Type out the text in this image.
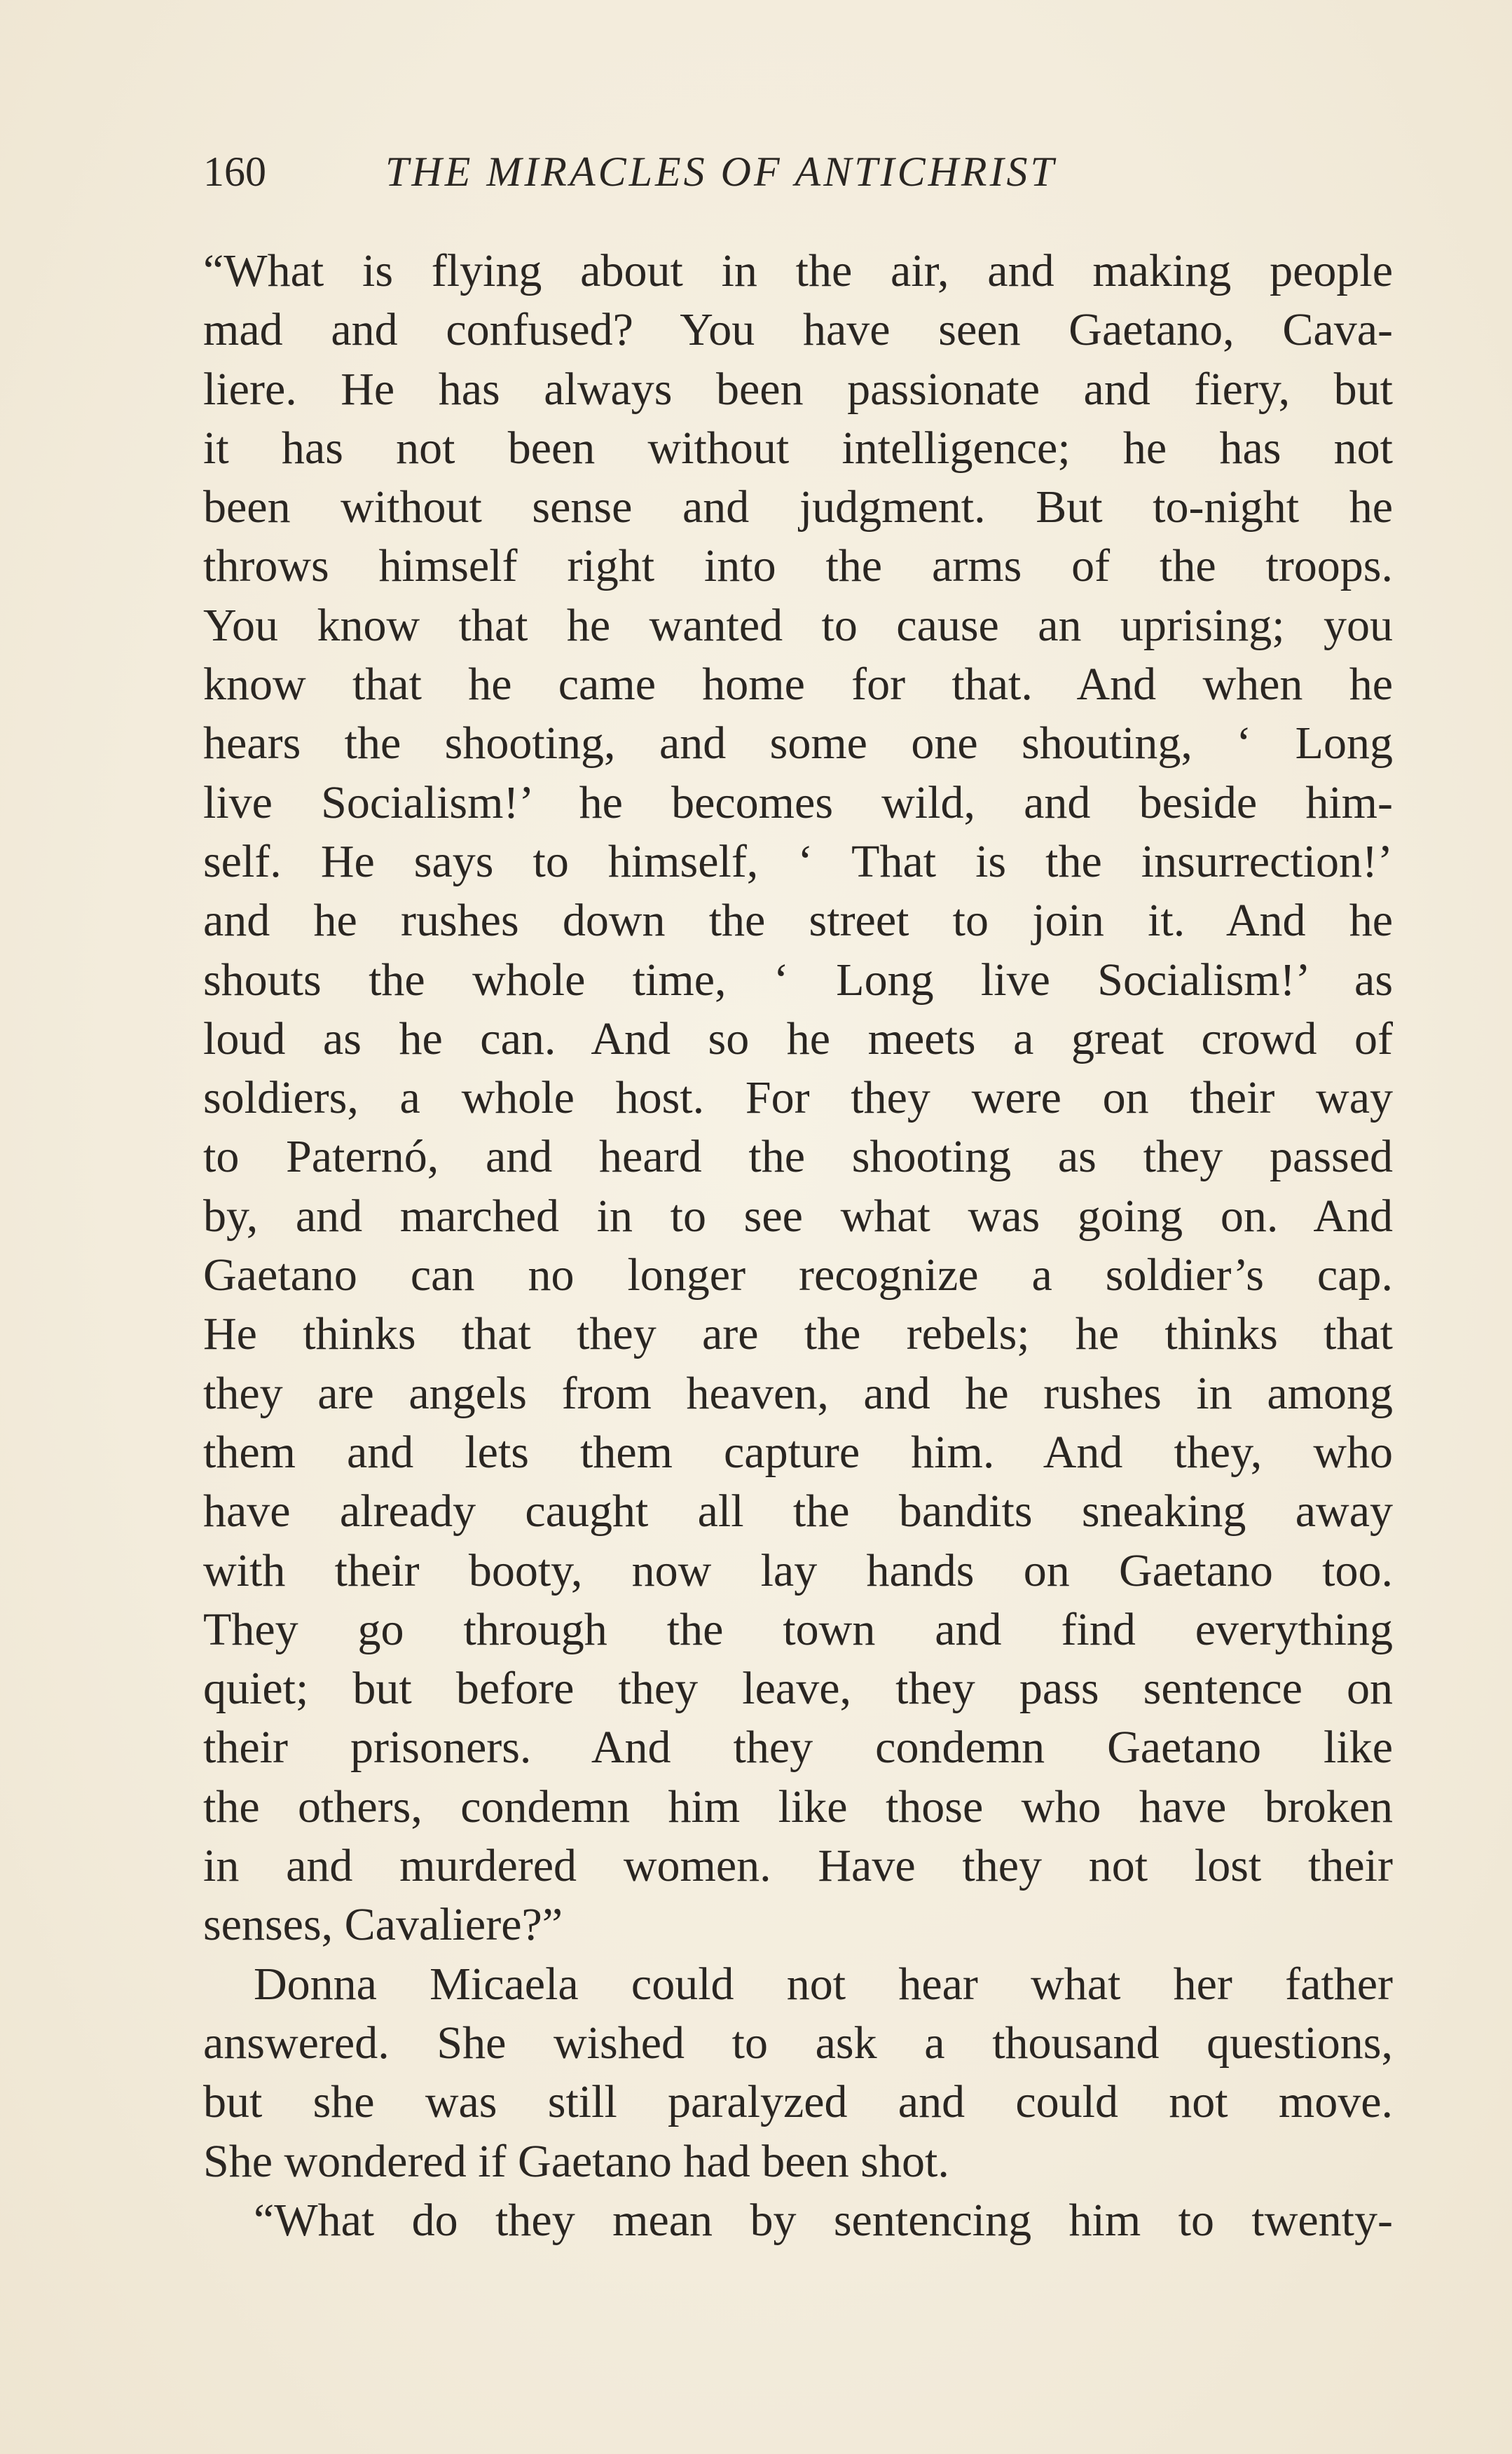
160	THE MIRACLES OF ANTICHRIST
“What is flying about in the air, and making people
mad and confused? You have seen Gaetano, Cava-
liere. He has always been passionate and fiery, but
it has not been without intelligence; he has not
been without sense and judgment. But to-night he
throws himself right into the arms of the troops.
You know that he wanted to cause an uprising; you
know that he came home for that. And when he
hears the shooting, and some one shouting, ‘ Long
live Socialism!’ he becomes wild, and beside him-
self. He says to himself, ‘ That is the insurrection!’
and he rushes down the street to join it. And he
shouts the whole time, ‘ Long live Socialism!’ as
loud as he can. And so he meets a great crowd of
soldiers, a whole host. For they were on their way
to Paternó, and heard the shooting as they passed
by, and marched in to see what was going on. And
Gaetano can no longer recognize a soldier’s cap.
He thinks that they are the rebels; he thinks that
they are angels from heaven, and he rushes in among
them and lets them capture him. And they, who
have already caught all the bandits sneaking away
with their booty, now lay hands on Gaetano too.
They go through the town and find everything
quiet; but before they leave, they pass sentence on
their prisoners. And they condemn Gaetano like
the others, condemn him like those who have broken
in and murdered women. Have they not lost their
senses, Cavaliere?”
Donna Micaela could not hear what her father
answered. She wished to ask a thousand questions,
but she was still paralyzed and could not move.
She wondered if Gaetano had been shot.
“What do they mean by sentencing him to twenty-
